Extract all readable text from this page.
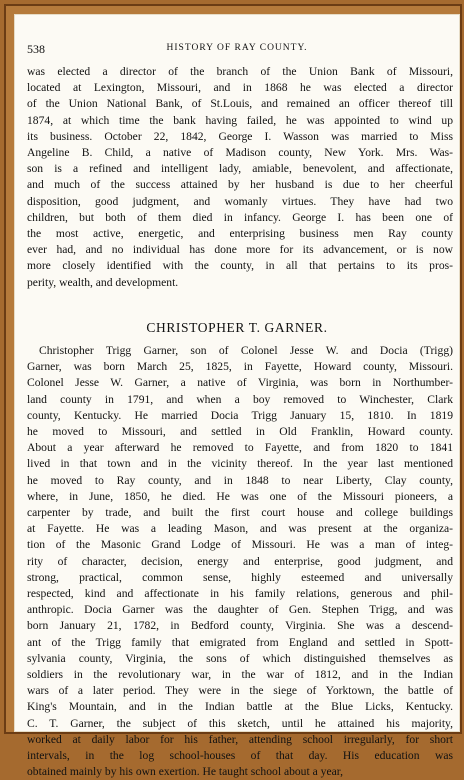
538	HISTORY OF RAY COUNTY.
was elected a director of the branch of the Union Bank of Missouri,
located at Lexington, Missouri, and in 1868 he was elected a director
of the Union National Bank, of St.Louis, and remained an officer thereof till
1874, at which time the bank having failed, he was appointed to wind up
its business. October 22, 1842, George I. Wasson was married to Miss
Angeline B. Child, a native of Madison county, New York. Mrs. Was-
son is a refined and intelligent lady, amiable, benevolent, and affectionate,
and much of the success attained by her husband is due to her cheerful
disposition, good judgment, and womanly virtues. They have had two
children, but both of them died in infancy. George I. has been one of
the most active, energetic, and enterprising business men Ray county
ever had, and no individual has done more for its advancement, or is now
more closely identified with the county, in all that pertains to its pros-
perity, wealth, and development.
CHRISTOPHER T. GARNER.
Christopher Trigg Garner, son of Colonel Jesse W. and Docia (Trigg)
Garner, was born March 25, 1825, in Fayette, Howard county, Missouri.
Colonel Jesse W. Garner, a native of Virginia, was born in Northumber-
land county in 1791, and when a boy removed to Winchester, Clark
county, Kentucky. He married Docia Trigg January 15, 1810. In 1819
he moved to Missouri, and settled in Old Franklin, Howard county.
About a year afterward he removed to Fayette, and from 1820 to 1841
lived in that town and in the vicinity thereof. In the year last mentioned
he moved to Ray county, and in 1848 to near Liberty, Clay county,
where, in June, 1850, he died. He was one of the Missouri pioneers, a
carpenter by trade, and built the first court house and college buildings
at Fayette. He was a leading Mason, and was present at the organiza-
tion of the Masonic Grand Lodge of Missouri. He was a man of integ-
rity of character, decision, energy and enterprise, good judgment, and
strong, practical, common sense, highly esteemed and universally
respected, kind and affectionate in his family relations, generous and phil-
anthropic. Docia Garner was the daughter of Gen. Stephen Trigg, and was
born January 21, 1782, in Bedford county, Virginia. She was a descend-
ant of the Trigg family that emigrated from England and settled in Spott-
sylvania county, Virginia, the sons of which distinguished themselves as
soldiers in the revolutionary war, in the war of 1812, and in the Indian
wars of a later period. They were in the siege of Yorktown, the battle of
King's Mountain, and in the Indian battle at the Blue Licks, Kentucky.
C. T. Garner, the subject of this sketch, until he attained his majority,
worked at daily labor for his father, attending school irregularly, for short
intervals, in the log school-houses of that day. His education was
obtained mainly by his own exertion. He taught school about a year,
